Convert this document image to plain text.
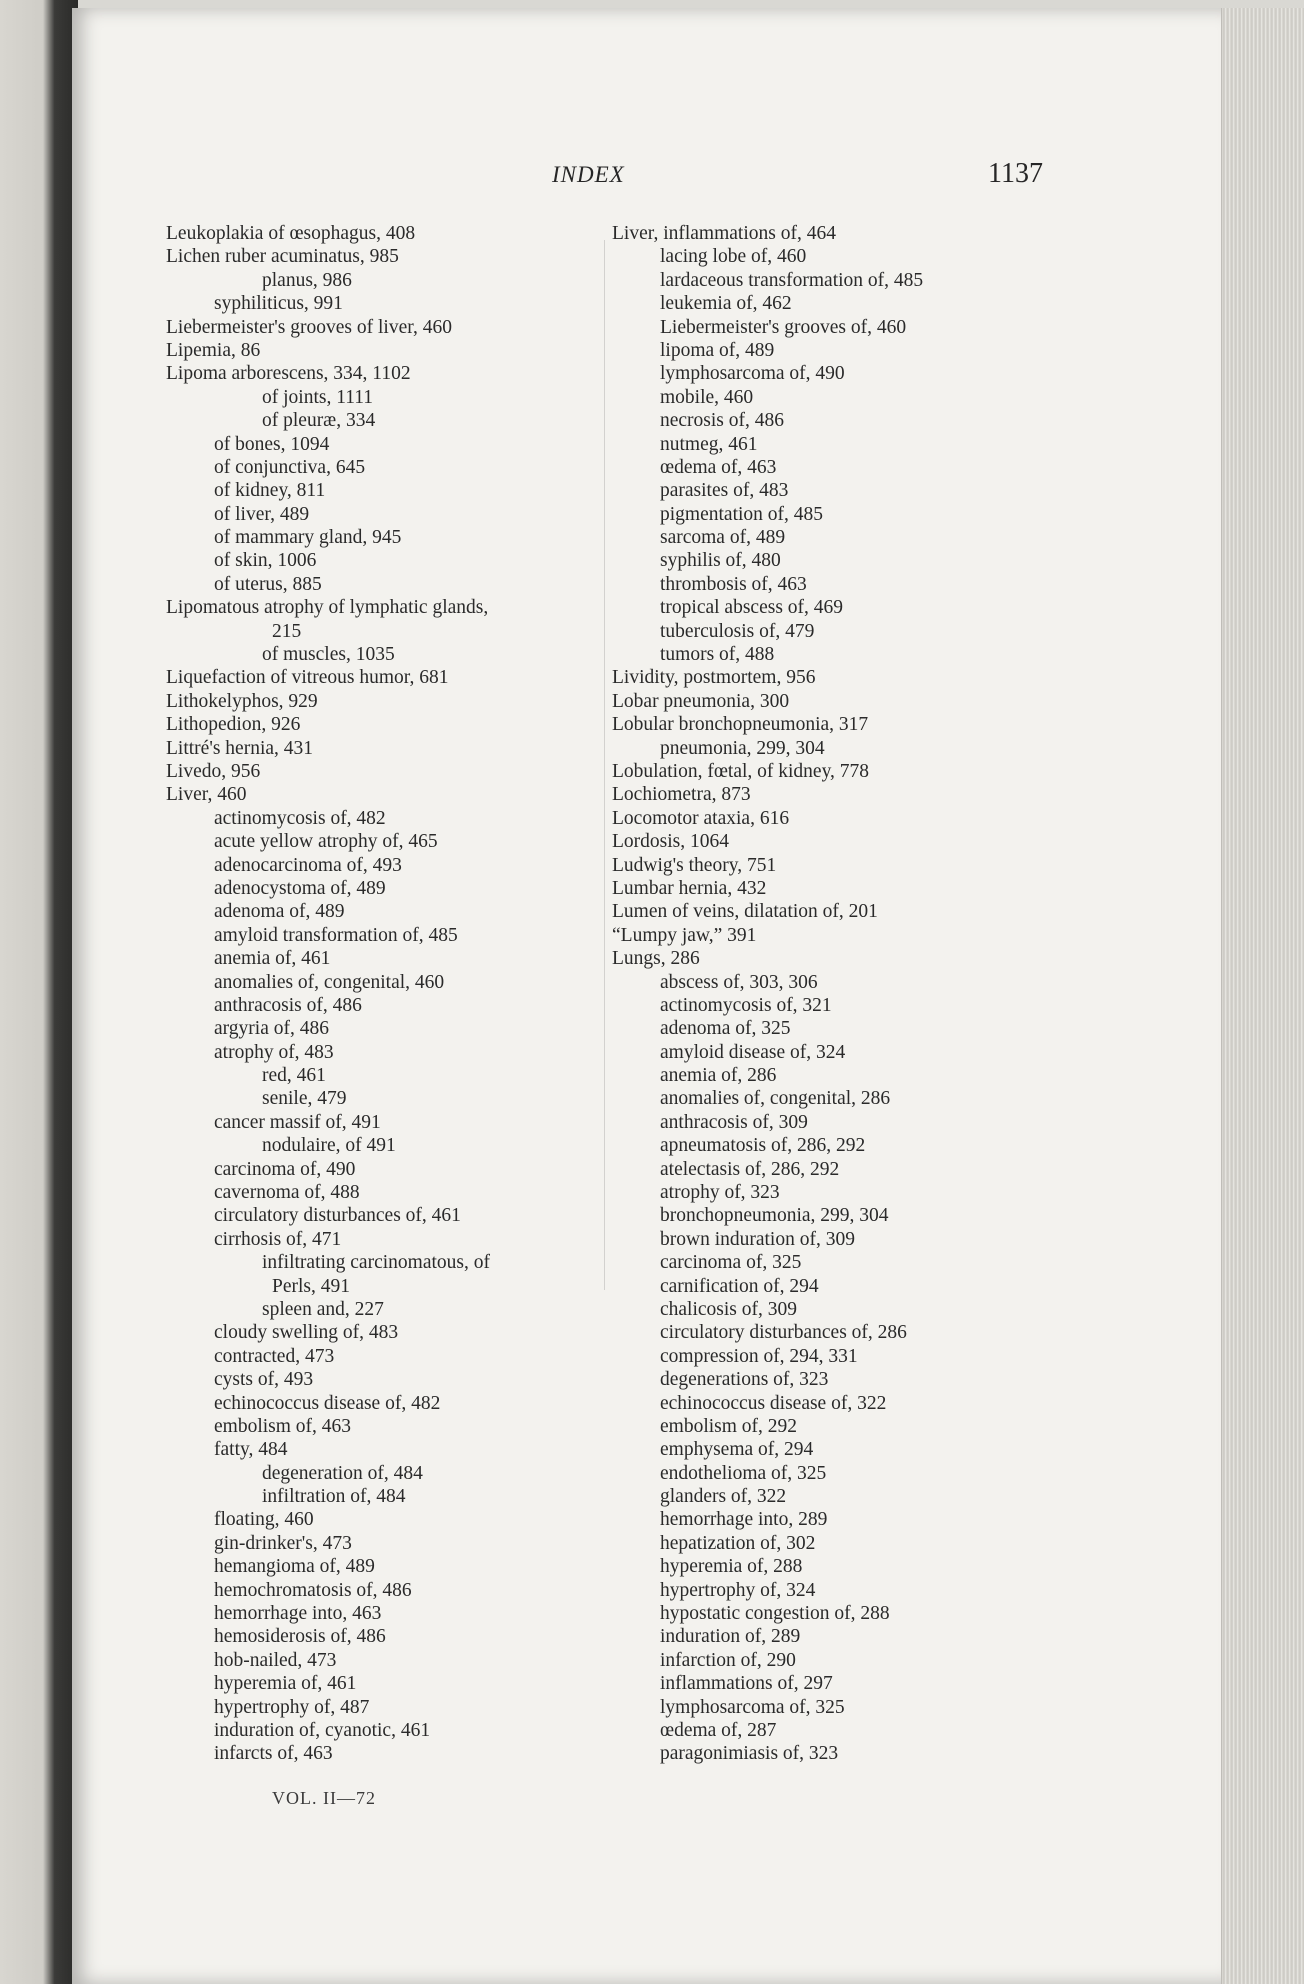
INDEX	1137
Leukoplakia of œsophagus, 408
Lichen ruber acuminatus, 985
planus, 986
syphiliticus, 991
Liebermeister's grooves of liver, 460
Lipemia, 86
Lipoma arborescens, 334, 1102
of joints, 1111
of pleuræ, 334
of bones, 1094
of conjunctiva, 645
of kidney, 811
of liver, 489
of mammary gland, 945
of skin, 1006
of uterus, 885
Lipomatous atrophy of lymphatic glands,
215
of muscles, 1035
Liquefaction of vitreous humor, 681
Lithokelyphos, 929
Lithopedion, 926
Littré's hernia, 431
Livedo, 956
Liver, 460
actinomycosis of, 482
acute yellow atrophy of, 465
adenocarcinoma of, 493
adenocystoma of, 489
adenoma of, 489
amyloid transformation of, 485
anemia of, 461
anomalies of, congenital, 460
anthracosis of, 486
argyria of, 486
atrophy of, 483
red, 461
senile, 479
cancer massif of, 491
nodulaire, of 491
carcinoma of, 490
cavernoma of, 488
circulatory disturbances of, 461
cirrhosis of, 471
infiltrating carcinomatous, of
Perls, 491
spleen and, 227
cloudy swelling of, 483
contracted, 473
cysts of, 493
echinococcus disease of, 482
embolism of, 463
fatty, 484
degeneration of, 484
infiltration of, 484
floating, 460
gin-drinker's, 473
hemangioma of, 489
hemochromatosis of, 486
hemorrhage into, 463
hemosiderosis of, 486
hob-nailed, 473
hyperemia of, 461
hypertrophy of, 487
induration of, cyanotic, 461
infarcts of, 463
Liver, inflammations of, 464
lacing lobe of, 460
lardaceous transformation of, 485
leukemia of, 462
Liebermeister's grooves of, 460
lipoma of, 489
lymphosarcoma of, 490
mobile, 460
necrosis of, 486
nutmeg, 461
œdema of, 463
parasites of, 483
pigmentation of, 485
sarcoma of, 489
syphilis of, 480
thrombosis of, 463
tropical abscess of, 469
tuberculosis of, 479
tumors of, 488
Lividity, postmortem, 956
Lobar pneumonia, 300
Lobular bronchopneumonia, 317
pneumonia, 299, 304
Lobulation, fœtal, of kidney, 778
Lochiometra, 873
Locomotor ataxia, 616
Lordosis, 1064
Ludwig's theory, 751
Lumbar hernia, 432
Lumen of veins, dilatation of, 201
“Lumpy jaw,” 391
Lungs, 286
abscess of, 303, 306
actinomycosis of, 321
adenoma of, 325
amyloid disease of, 324
anemia of, 286
anomalies of, congenital, 286
anthracosis of, 309
apneumatosis of, 286, 292
atelectasis of, 286, 292
atrophy of, 323
bronchopneumonia, 299, 304
brown induration of, 309
carcinoma of, 325
carnification of, 294
chalicosis of, 309
circulatory disturbances of, 286
compression of, 294, 331
degenerations of, 323
echinococcus disease of, 322
embolism of, 292
emphysema of, 294
endothelioma of, 325
glanders of, 322
hemorrhage into, 289
hepatization of, 302
hyperemia of, 288
hypertrophy of, 324
hypostatic congestion of, 288
induration of, 289
infarction of, 290
inflammations of, 297
lymphosarcoma of, 325
œdema of, 287
paragonimiasis of, 323
VOL. II—72
